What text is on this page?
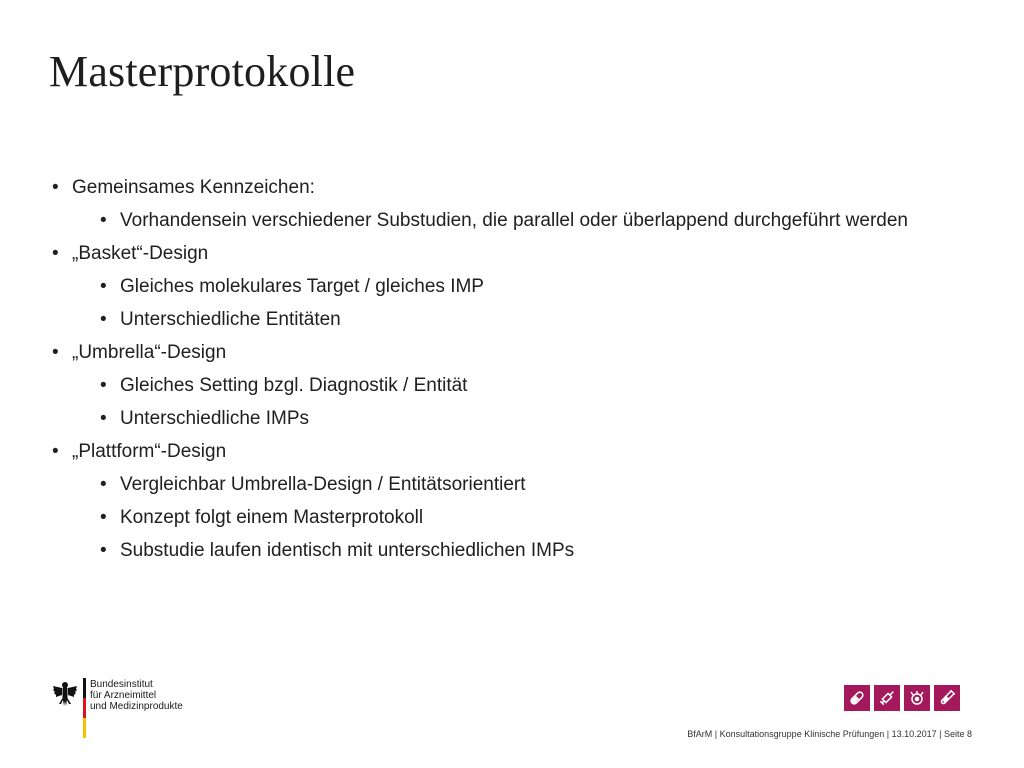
Masterprotokolle

• Gemeinsames Kennzeichen:

• Vorhandensein verschiedener Substudien, die parallel oder überlappend durchgeführt werden

• „Basket“-Design

• Gleiches molekulares Target / gleiches IMP

• Unterschiedliche Entitäten

• „Umbrella“-Design

• Gleiches Setting bzgl. Diagnostik / Entität

• Unterschiedliche IMPs

• „Plattform“-Design

• Vergleichbar Umbrella-Design / Entitätsorientiert

• Konzept folgt einem Masterprotokoll

• Substudie laufen identisch mit unterschiedlichen IMPs

Bundesinstitut
für Arzneimittel
und Medizinprodukte
BfArM | Konsultationsgruppe Klinische Prüfungen | 13.10.2017 | Seite 8
